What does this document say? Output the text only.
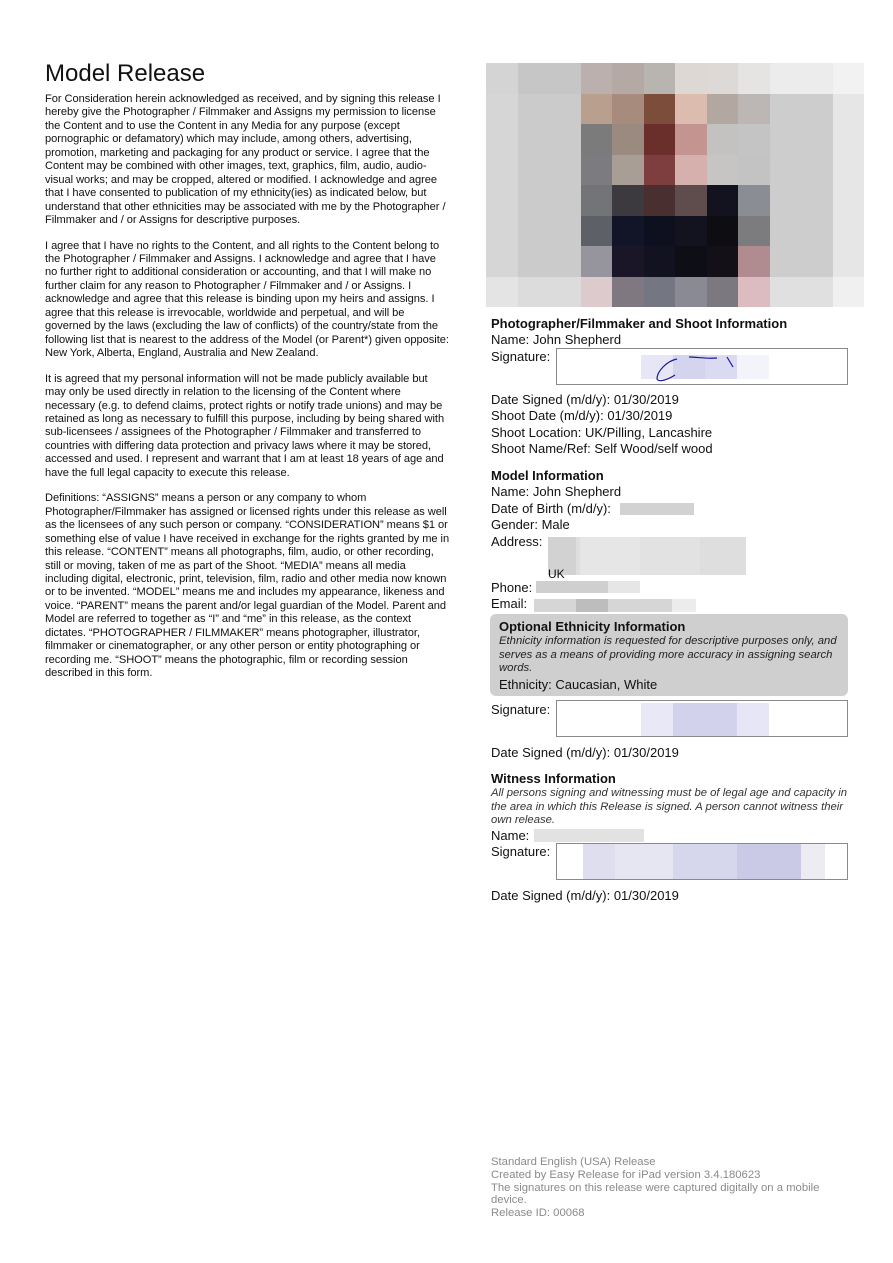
Model Release

For Consideration herein acknowledged as received, and by signing this release I hereby give the Photographer / Filmmaker and Assigns my permission to license the Content and to use the Content in any Media for any purpose (except pornographic or defamatory) which may include, among others, advertising, promotion, marketing and packaging for any product or service. I agree that the Content may be combined with other images, text, graphics, film, audio, audio-visual works; and may be cropped, altered or modified. I acknowledge and agree that I have consented to publication of my ethnicity(ies) as indicated below, but understand that other ethnicities may be associated with me by the Photographer / Filmmaker and / or Assigns for descriptive purposes.

I agree that I have no rights to the Content, and all rights to the Content belong to the Photographer / Filmmaker and Assigns. I acknowledge and agree that I have no further right to additional consideration or accounting, and that I will make no further claim for any reason to Photographer / Filmmaker and / or Assigns. I acknowledge and agree that this release is binding upon my heirs and assigns. I agree that this release is irrevocable, worldwide and perpetual, and will be governed by the laws (excluding the law of conflicts) of the country/state from the following list that is nearest to the address of the Model (or Parent*) given opposite: New York, Alberta, England, Australia and New Zealand.

It is agreed that my personal information will not be made publicly available but may only be used directly in relation to the licensing of the Content where necessary (e.g. to defend claims, protect rights or notify trade unions) and may be retained as long as necessary to fulfill this purpose, including by being shared with sub-licensees / assignees of the Photographer / Filmmaker and transferred to countries with differing data protection and privacy laws where it may be stored, accessed and used. I represent and warrant that I am at least 18 years of age and have the full legal capacity to execute this release.

Definitions: “ASSIGNS” means a person or any company to whom Photographer/Filmmaker has assigned or licensed rights under this release as well as the licensees of any such person or company. “CONSIDERATION” means $1 or something else of value I have received in exchange for the rights granted by me in this release. “CONTENT” means all photographs, film, audio, or other recording, still or moving, taken of me as part of the Shoot. “MEDIA” means all media including digital, electronic, print, television, film, radio and other media now known or to be invented. “MODEL” means me and includes my appearance, likeness and voice. “PARENT” means the parent and/or legal guardian of the Model. Parent and Model are referred to together as “I” and “me” in this release, as the context dictates. “PHOTOGRAPHER / FILMMAKER” means photographer, illustrator, filmmaker or cinematographer, or any other person or entity photographing or recording me. “SHOOT” means the photographic, film or recording session described in this form.

Photographer/Filmmaker and Shoot Information
Name: John Shepherd
Signature:
Date Signed (m/d/y): 01/30/2019
Shoot Date (m/d/y): 01/30/2019
Shoot Location: UK/Pilling, Lancashire
Shoot Name/Ref: Self Wood/self wood
Model Information
Name: John Shepherd
Date of Birth (m/d/y):
Gender: Male
Address:
UK
Phone:
Email:
Optional Ethnicity Information
Ethnicity information is requested for descriptive purposes only, and serves as a means of providing more accuracy in assigning search words.
Ethnicity: Caucasian, White
Signature:
Date Signed (m/d/y): 01/30/2019
Witness Information
All persons signing and witnessing must be of legal age and capacity in the area in which this Release is signed. A person cannot witness their own release.
Name:
Signature:
Date Signed (m/d/y): 01/30/2019
Standard English (USA) Release
Created by Easy Release for iPad version 3.4.180623
The signatures on this release were captured digitally on a mobile device.
Release ID: 00068
